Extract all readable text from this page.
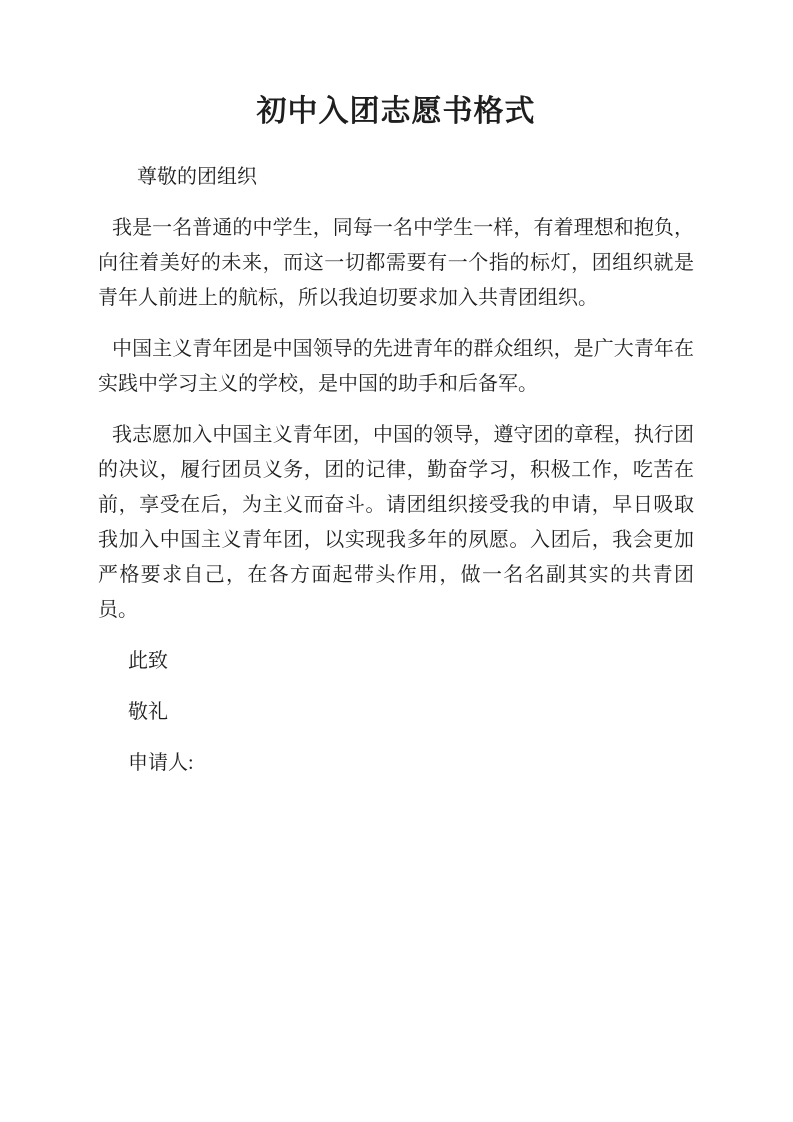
初中入团志愿书格式

尊敬的团组织

我是一名普通的中学生，同每一名中学生一样，有着理想和抱负，向往着美好的未来，而这一切都需要有一个指的标灯，团组织就是青年人前进上的航标，所以我迫切要求加入共青团组织。

中国主义青年团是中国领导的先进青年的群众组织，是广大青年在实践中学习主义的学校，是中国的助手和后备军。

我志愿加入中国主义青年团，中国的领导，遵守团的章程，执行团的决议，履行团员义务，团的记律，勤奋学习，积极工作，吃苦在前，享受在后，为主义而奋斗。请团组织接受我的申请，早日吸取我加入中国主义青年团，以实现我多年的夙愿。入团后，我会更加严格要求自己，在各方面起带头作用，做一名名副其实的共青团员。

此致

敬礼

申请人:
